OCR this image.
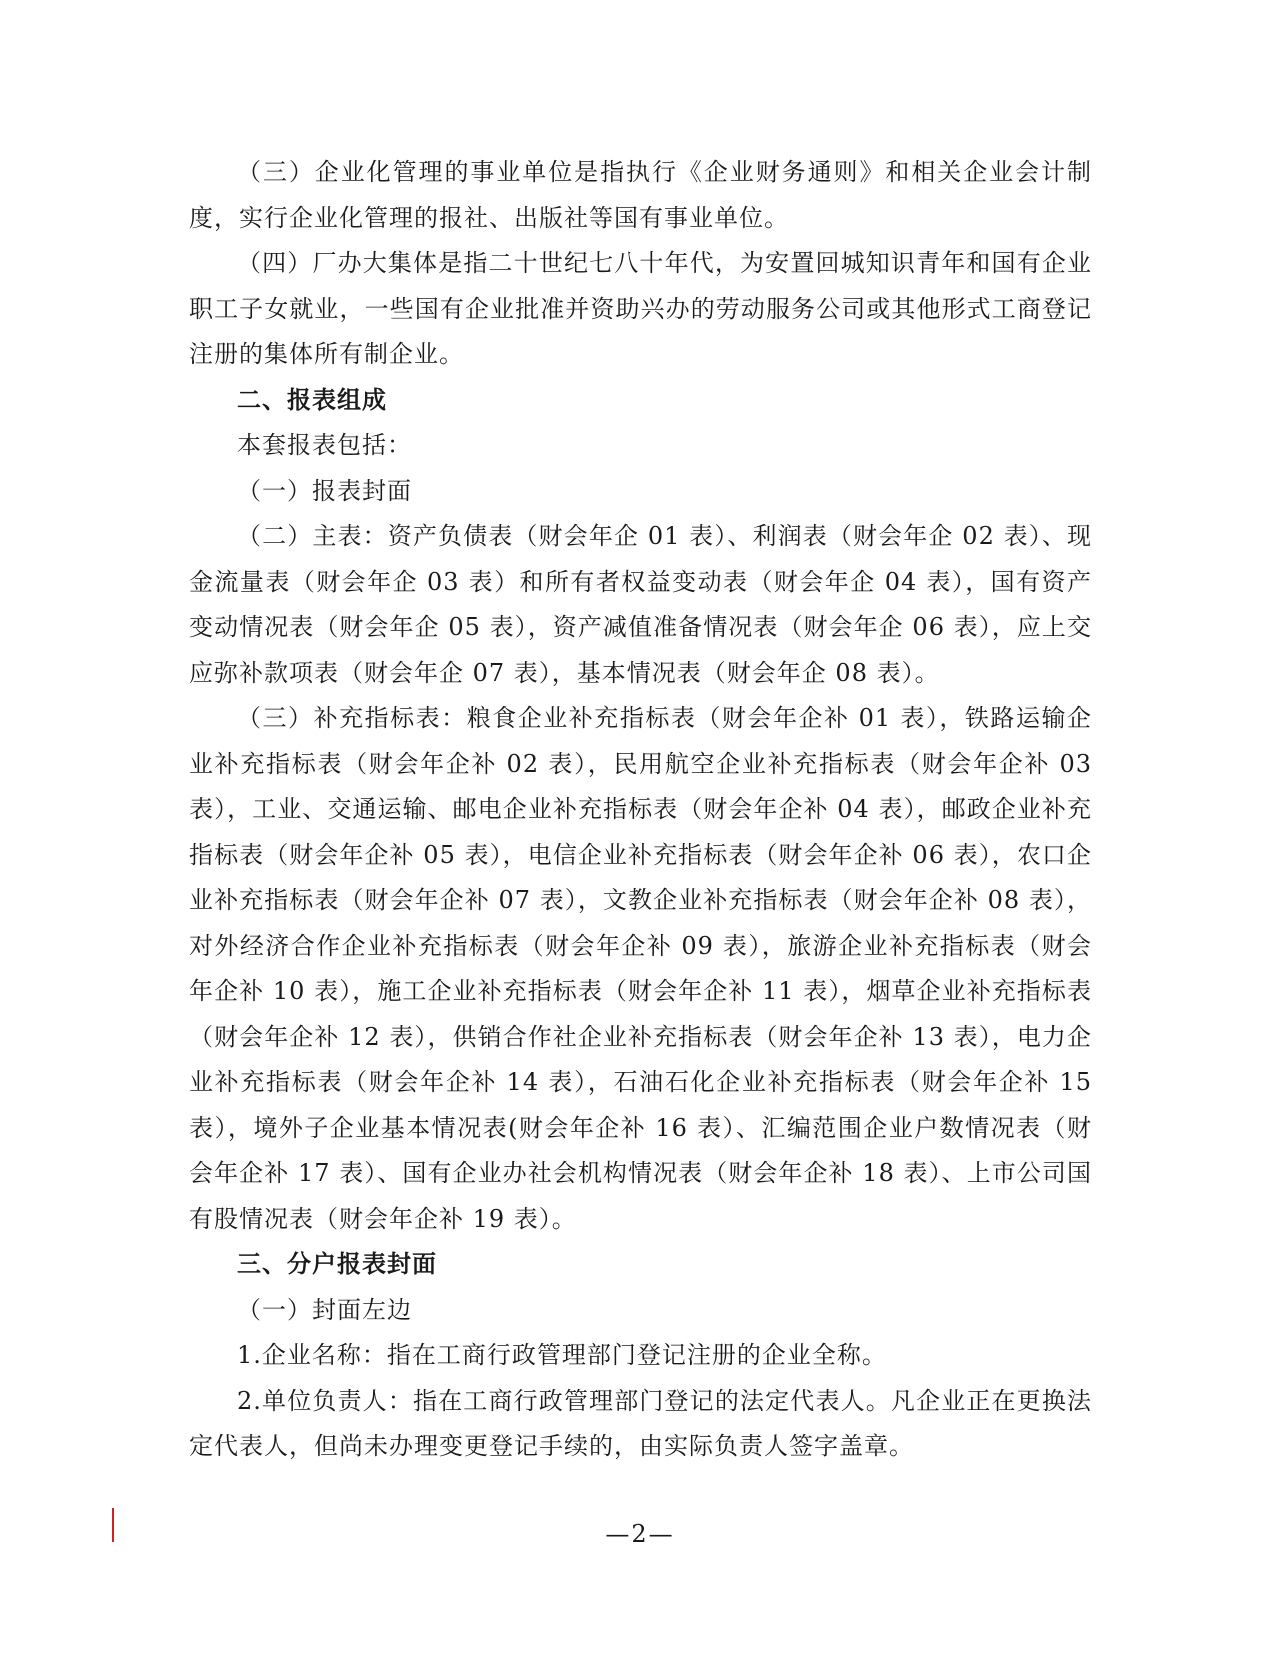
（三）企业化管理的事业单位是指执行《企业财务通则》和相关企业会计制度，实行企业化管理的报社、出版社等国有事业单位。

（四）厂办大集体是指二十世纪七八十年代，为安置回城知识青年和国有企业职工子女就业，一些国有企业批准并资助兴办的劳动服务公司或其他形式工商登记注册的集体所有制企业。

二、报表组成

本套报表包括：

（一）报表封面

（二）主表：资产负债表（财会年企 01 表）、利润表（财会年企 02 表）、现金流量表（财会年企 03 表）和所有者权益变动表（财会年企 04 表），国有资产变动情况表（财会年企 05 表），资产减值准备情况表（财会年企 06 表），应上交应弥补款项表（财会年企 07 表），基本情况表（财会年企 08 表）。

（三）补充指标表：粮食企业补充指标表（财会年企补 01 表），铁路运输企业补充指标表（财会年企补 02 表），民用航空企业补充指标表（财会年企补 03 表），工业、交通运输、邮电企业补充指标表（财会年企补 04 表），邮政企业补充指标表（财会年企补 05 表），电信企业补充指标表（财会年企补 06 表），农口企业补充指标表（财会年企补 07 表），文教企业补充指标表（财会年企补 08 表），对外经济合作企业补充指标表（财会年企补 09 表），旅游企业补充指标表（财会年企补 10 表），施工企业补充指标表（财会年企补 11 表），烟草企业补充指标表（财会年企补 12 表），供销合作社企业补充指标表（财会年企补 13 表），电力企业补充指标表（财会年企补 14 表），石油石化企业补充指标表（财会年企补 15 表），境外子企业基本情况表(财会年企补 16 表）、汇编范围企业户数情况表（财会年企补 17 表）、国有企业办社会机构情况表（财会年企补 18 表）、上市公司国有股情况表（财会年企补 19 表）。

三、分户报表封面

（一）封面左边

1.企业名称：指在工商行政管理部门登记注册的企业全称。

2.单位负责人：指在工商行政管理部门登记的法定代表人。凡企业正在更换法定代表人，但尚未办理变更登记手续的，由实际负责人签字盖章。

—2—
